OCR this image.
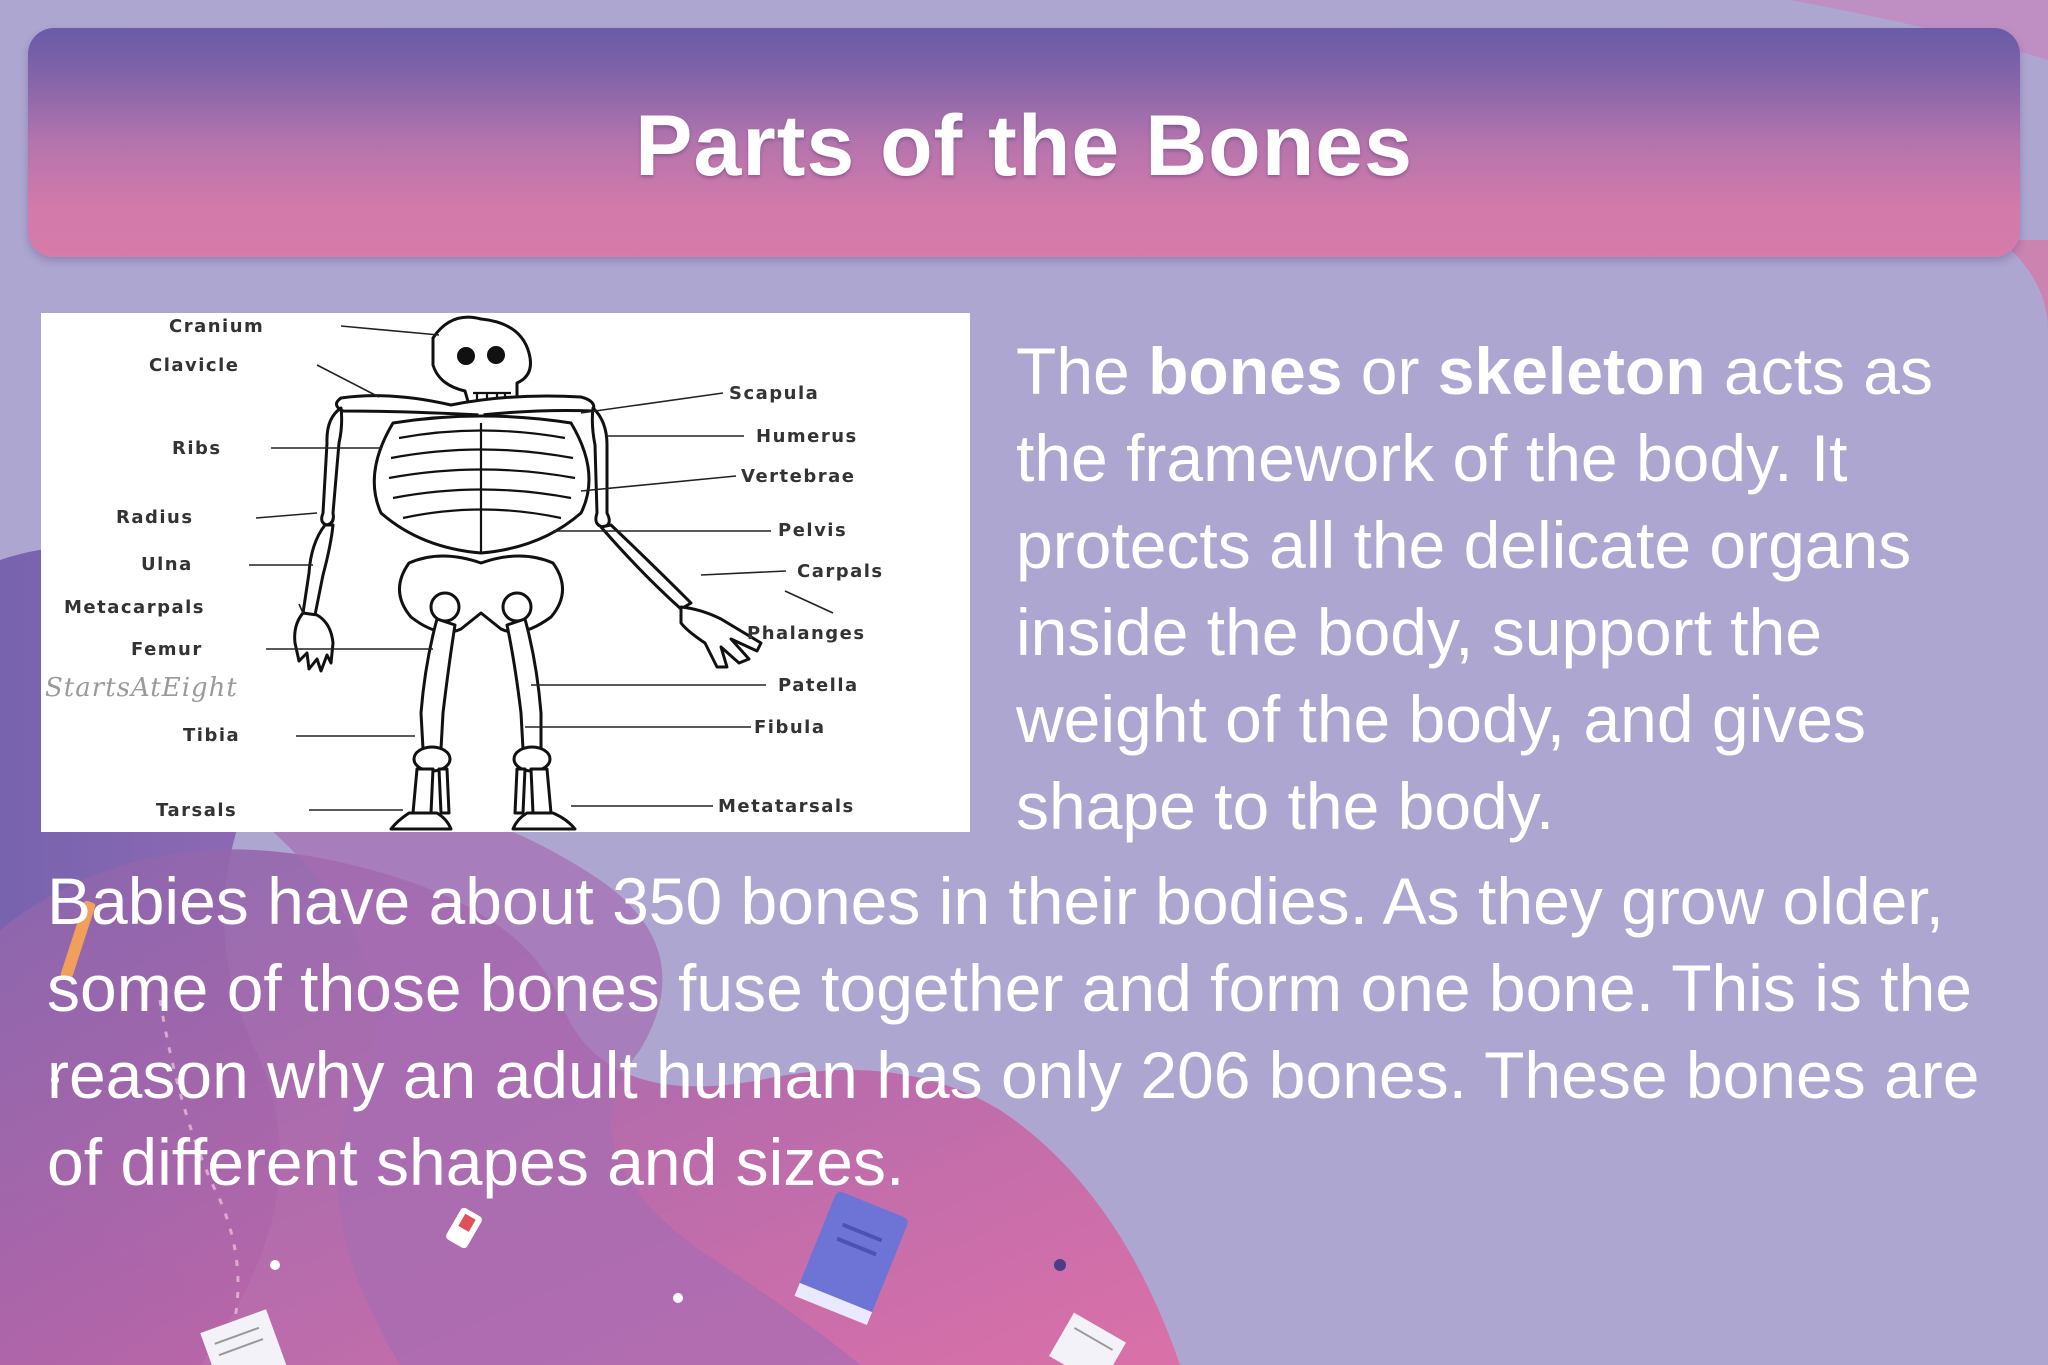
Parts of the Bones
Cranium
Clavicle
Ribs
Radius
Ulna
Metacarpals
Femur
Tibia
Tarsals
Scapula
Humerus
Vertebrae
Pelvis
Carpals
Phalanges
Patella
Fibula
Metatarsals
StartsAtEight
The bones or skeleton acts as the framework of the body. It protects all the delicate organs inside the body, support the weight of the body, and gives shape to the body.
Babies have about 350 bones in their bodies. As they grow older, some of those bones fuse together and form one bone. This is the reason why an adult human has only 206 bones. These bones are of different shapes and sizes.
